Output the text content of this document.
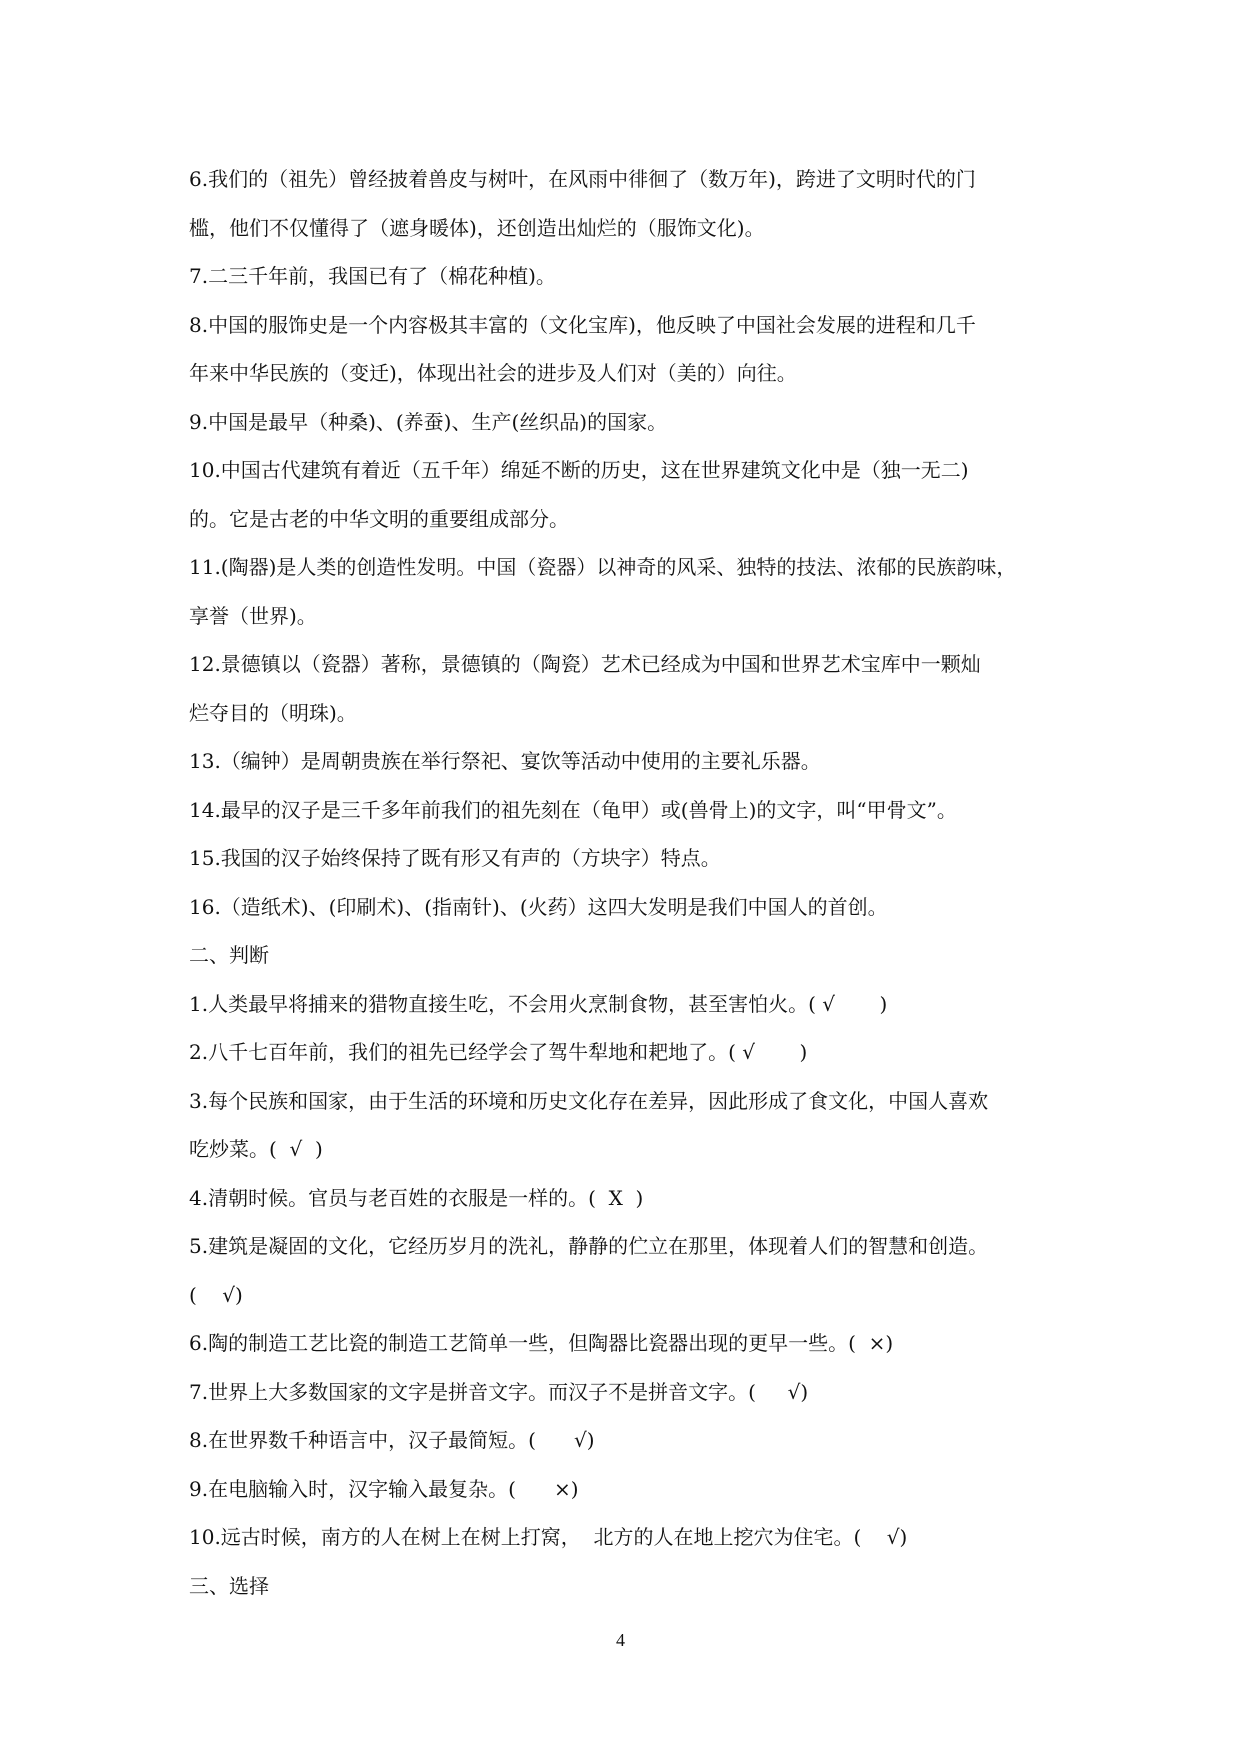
6.我们的（祖先）曾经披着兽皮与树叶，在风雨中徘徊了（数万年)，跨进了文明时代的门
槛，他们不仅懂得了（遮身暖体)，还创造出灿烂的（服饰文化)。
7.二三千年前，我国已有了（棉花种植)。
8.中国的服饰史是一个内容极其丰富的（文化宝库)，他反映了中国社会发展的进程和几千
年来中华民族的（变迁)，体现出社会的进步及人们对（美的）向往。
9.中国是最早（种桑)、(养蚕)、生产(丝织品)的国家。
10.中国古代建筑有着近（五千年）绵延不断的历史，这在世界建筑文化中是（独一无二)
的。它是古老的中华文明的重要组成部分。
11.(陶器)是人类的创造性发明。中国（瓷器）以神奇的风采、独特的技法、浓郁的民族韵味，
享誉（世界)。
12.景德镇以（瓷器）著称，景德镇的（陶瓷）艺术已经成为中国和世界艺术宝库中一颗灿
烂夺目的（明珠)。
13.（编钟）是周朝贵族在举行祭祀、宴饮等活动中使用的主要礼乐器。
14.最早的汉子是三千多年前我们的祖先刻在（龟甲）或(兽骨上)的文字，叫“甲骨文”。
15.我国的汉子始终保持了既有形又有声的（方块字）特点。
16.（造纸术)、(印刷术)、(指南针)、(火药）这四大发明是我们中国人的首创。
二、判断
1.人类最早将捕来的猎物直接生吃，不会用火烹制食物，甚至害怕火。( √       )
2.八千七百年前，我们的祖先已经学会了驾牛犁地和耙地了。( √       )
3.每个民族和国家，由于生活的环境和历史文化存在差异，因此形成了食文化，中国人喜欢
吃炒菜。(  √  )
4.清朝时候。官员与老百姓的衣服是一样的。(  X  )
5.建筑是凝固的文化，它经历岁月的洗礼，静静的伫立在那里，体现着人们的智慧和创造。
(    √)
6.陶的制造工艺比瓷的制造工艺简单一些，但陶器比瓷器出现的更早一些。(  ×)
7.世界上大多数国家的文字是拼音文字。而汉子不是拼音文字。(     √)
8.在世界数千种语言中，汉子最简短。(      √)
9.在电脑输入时，汉字输入最复杂。(      ×)
10.远古时候，南方的人在树上在树上打窝，  北方的人在地上挖穴为住宅。(    √)
三、选择
4
